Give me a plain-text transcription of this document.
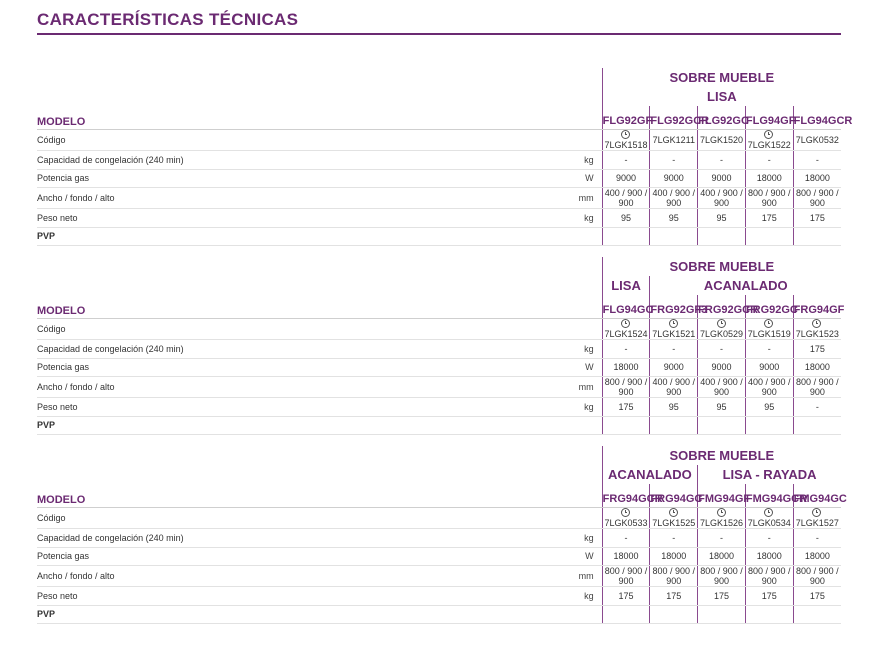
CARACTERÍSTICAS TÉCNICAS
		SOBRE MUEBLE				
		LISA				
MODELO		FLG92GF	FLG92GCR	FLG92GC	FLG94GF	FLG94GCR
Código		7LGK1518	7LGK1211	7LGK1520	7LGK1522	7LGK0532
Capacidad de congelación (240 min)	kg	-	-	-	-	-
Potencia gas	W	9000	9000	9000	18000	18000
Ancho / fondo / alto	mm	400 / 900 / 900	400 / 900 / 900	400 / 900 / 900	800 / 900 / 900	800 / 900 / 900
Peso neto	kg	95	95	95	175	175
PVP						
		SOBRE MUEBLE				
		LISA	ACANALADO			
MODELO		FLG94GC	FRG92GF3	FRG92GCR	FRG92GC	FRG94GF
Código		7LGK1524	7LGK1521	7LGK0529	7LGK1519	7LGK1523
Capacidad de congelación (240 min)	kg	-	-	-	-	175
Potencia gas	W	18000	9000	9000	9000	18000
Ancho / fondo / alto	mm	800 / 900 / 900	400 / 900 / 900	400 / 900 / 900	400 / 900 / 900	800 / 900 / 900
Peso neto	kg	175	95	95	95	-
PVP						
		SOBRE MUEBLE				
		ACANALADO		LISA - RAYADA		
MODELO		FRG94GCR	FRG94GC	FMG94GF	FMG94GCR	FMG94GC
Código		7LGK0533	7LGK1525	7LGK1526	7LGK0534	7LGK1527
Capacidad de congelación (240 min)	kg	-	-	-	-	-
Potencia gas	W	18000	18000	18000	18000	18000
Ancho / fondo / alto	mm	800 / 900 / 900	800 / 900 / 900	800 / 900 / 900	800 / 900 / 900	800 / 900 / 900
Peso neto	kg	175	175	175	175	175
PVP						
